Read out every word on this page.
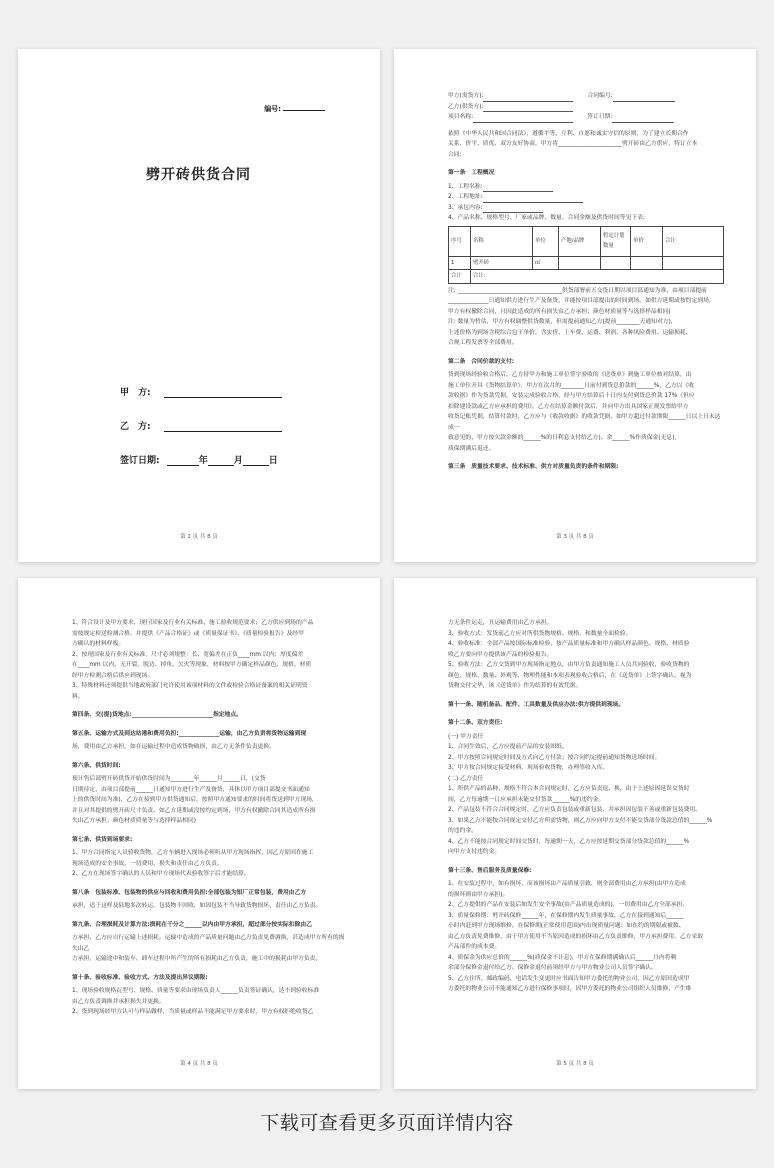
编号:
劈开砖供货合同
甲　方:
乙　方:
签订日期:	年	月	日
第 2 页 共 8 页

甲方(需货方):	合同编号:

乙方(供货方):

项目名称:	签订日期:

依照《中华人民共和国合同法》，遵循平等、互利、自愿和诚实守信的原则，为了建立长期合作

关系，价平、质优、双方友好协商，甲方将______________________劈开砖由乙方供应，特订立本

合同:

第一条　工程概况

1、工程名称:

2、工程地址:

3、承包内容:

4、产品名称、规格型号、厂家或品牌、数量、合同金额及供货时间等见下表:

序号	名称	单位	产地/品牌	暂定计划数量	单价	合计
1	劈开砖	㎡				
合计	合计:					

注: ____________________________________供货部署前五交货日期以项目部通知为准，由项目部提前

______________日通知供方进行生产及备货，并能按项目部提出的时间到场。如供方延期或按约定到场，

甲方有权撤除合同，且因此造成的所有损失由乙方承担；颜色材质量等与选择样品相同)

注: 数量为暂估，甲方有权调整供货数量，但需提前通知乙方(提前________天通知对方)，

上述价格为到场含税综合包干单价，含实价、上车费、运费、利润、各种风险费用、运输损耗、

合规工程发票等全部费用。

第二条　合同价款的支付:

货到现场经验收合格后，乙方持甲方和施工单位签字验收的《送货单》到施工单位核对结算，由

施工单位开具《货物结算单》，甲方在次月的________日前付到货总价款的______%，乙方以《收

款收据》作为货款凭据，安装完成验收合格，经与甲方结算后十日内支付到货总价款 17%《但应

扣除建设款或乙方应承担的费用》。乙方在结算金额付款后，并向甲方出具国家正规发票给甲方

收货记账凭据，结算付款时，乙方应与《收款收据》的收款凭据。如甲方超过付款期限______日以上且未达成一

致意见的，甲方按欠款金额的______%的日利息支付给乙方)。余______%作质保金(无息)，

质保期满后退还。

第三条　质量技术要求、技术标准、供方对质量负责的条件和期限:

第 3 页 共 8 页

1、符合设计及甲方要求，现行国家及行业有关标准、施工验收规范要求；乙方供应到场的产品

需按规定检送检测合格，并提供《产品合格证》或《质量保证书》、《质量检验报告》及经甲

方确认的材料样板。

2、按现国家及行业有关标准，尺寸必须规整：长、宽偏差在正负____mm 以内；厚度偏差

在____mm 以内，无开裂、脱边、掉角、欠火等现象，材料按甲方确定样品颜色、规格、材质

经甲方检测合格后供应到现场。

3、特殊材料还须提供当地政府部门允许使用该项材料的文件或检验合格证备案的相关证明资

料。

第四条、交(提)货地点:____________________________指定地点。

第五条、运输方式及到达站港和费用负担:______________运输，由乙方负责将货物运输到现

场，费用由乙方承担，如在运输过程中造成货物破损，由乙方无条件负责更换。

第六条、供货时间:

预计售后部劈开砖供货开始供货时间为________年______月______日，(交货

日期待定，由项目部提前______日通知甲方进行生产及备货，具体以甲方项目部提交书面通知

上的供货时间为准)，乙方在接到甲方供货通知后，按照甲方通知要求的时间将货送到甲方现场，

并且对其提供的劈开砖尺寸负责。如乙方延期或没按约定到场，甲方有权撤除合同其造成所有损

失由乙方承担；颜色材质质量等与选择样品相同)

第七条、供货到场要求:

1、甲方合同指定人员验收货物，乙方车辆进入现场必须听从甲方现场指挥，因乙方原因在施工

现场造成的安全事故，一切费用、损失和责任由乙方负责。

2、乙方在现场签字确认的人员和甲方现场代表验收签字后才能结算。

第八条　包装标准、包装物的供应与回收和费用负担:全部包装为铝厂正常包装，费用由乙方

承担，适于这样及陆地多次转运，包装物不回收，如因包装不当导致货物损坏，责任由乙方负责。

第九条、合理损耗及计算方法:损耗在千分之______以内由甲方承担，超过部分按实际扣除由乙

方承担，乙方应自行运输上述损耗。运输中造成的产品质量问题由乙方负责免费调换，甚造成甲方所有的损失由乙

方承担，运输途中和装车、卸车过程中所产生的所有损耗由乙方负责，施工中的损耗由甲方负责。

第十条、验收标准、验收方式、方法及提出异议期限:

1、现场验收规格瓦型号、规格、质量等要求由现场负责人______负责签证确认，达不到验收标准

由乙方负责调换并承担损失并更换。

2、货到现场经甲方认可与样品做样，当质量或样品不能满足甲方要求时，甲方有权拒绝收货乙

第 4 页 共 8 页

方无条件运走，且运输费用由乙方承担。

3、验收方式：发货前乙方应对所供货物规格、规格、和数量全面检验。

4、验收标准：全部产品按国际标准检验，按产品质量标准和甲方确认样品颜色、规格、材质验

收乙方要向甲方提供该产品的检验报告。

5、验收方法：乙方交货到甲方现场指定地点，由甲方负责通知施工人员共同验收，验收货物的

颜色、规格、数量、外观等，物理性能和本项表观验收合格后，在《送货单》上签字确认，视为

货物交付完毕，该《送货单》作为结算的有效凭据。

第十一条、随机备品、配件、工具数量及供应办法:供方提供到现场。

第十二条、双方责任:

(一) 甲方责任

1、合同生效后，乙方应提前产品的安装图纸。

2、甲方按照合同规定时间及方式向乙方付款；按合同约定提前通知货物送场时间。

3、甲方按合同规定接受材料，现场验收货物，办理签收入库。

(二) 乙方责任

1、所供产品的品种、规格不符合本合同规定时，乙方应负责退、换，由于上述原因延误交货时

间，乙方每逾期一日应承担未能交付货款______%的违约金。

2、产品包装不符合合同规定时，乙方应负责包装或重新包装，并承担因包装不善或重新包装费用。

3、如果乙方不能按合同规定交付乙方所需货物，则乙方应向甲方支付不能交货部分货款总值的______%

的违约金。

4、乙方不能按合同规定时间交货时，每逾期一天，乙方应按延期交货部分货款总值的______%

向甲方支付违约金。

第十三条、售后服务及质量保修:

1、在安装过程中，如有损坏，而该损坏由产品质量引致，则全部费用由乙方承担(由甲方造成

的损坏则由甲方承担)。

2、乙方提供的产品在安装后如发生安全事故(由产品质量造成的)，一切费用由乙方全部承担。

3、质量保修期：劈开砖保修______年，在保修期内发生质量事故，乙方在接到通知后______

小时内赶到甲方现场维修。在保修期(正常使用范围)内出现质量问题；如在约的期限或被数、

由乙方负责免费维修，由于甲方使用不当原因造成的损坏由乙方负责维修，甲方承担费用，乙方采取

产品部件的成本费。

4、质保金为供应总价的______%(质保金不计息)，甲方在保修期满确认后______月内将剩

余部分保修金退付给乙方。保修金退付前须经甲方与甲方物业公司人员签字确认。

5、乙方住所、邮政编码、电话发生变更时应书面告知甲方委托的物业公司，因乙方原因造成甲

方委托的物业公司不能通知乙方进行保修事项时，因甲方委托的物业公司组织人员维修，产生维

第 5 页 共 8 页
下载可查看更多页面详情内容
